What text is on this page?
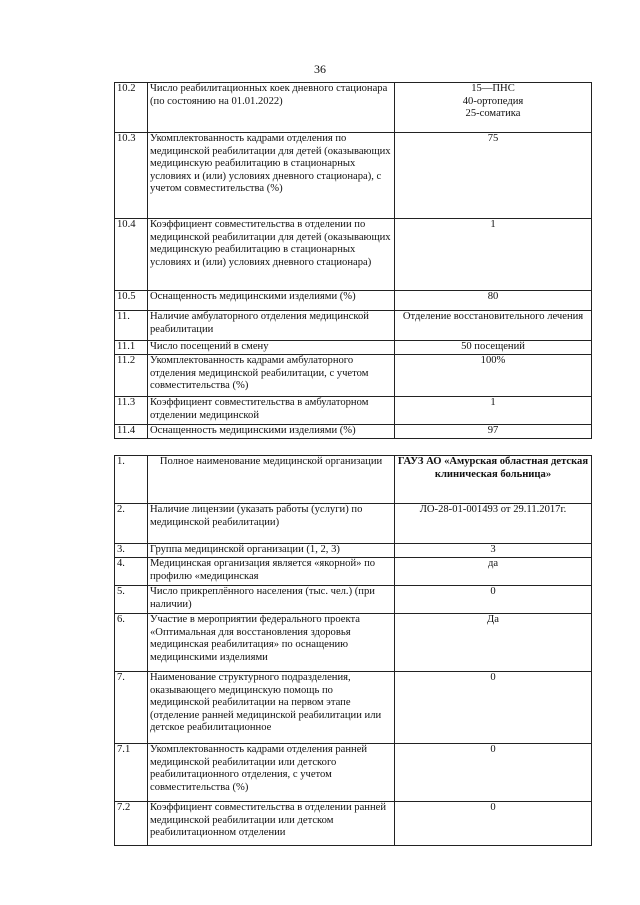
36
10.2	Число реабилитационных коек дневного стационара (по состоянию на 01.01.2022)	15—ПНС
40-ортопедия
25-соматика

10.3	Укомплектованность кадрами отделения по медицинской реабилитации для детей (оказывающих медицинскую реабилитацию в стационарных условиях и (или) условиях дневного стационара), с учетом совместительства (%)	75
10.4	Коэффициент совместительства в отделении по медицинской реабилитации для детей (оказывающих медицинскую реабилитацию в стационарных условиях и (или) условиях дневного стационара)	1
10.5	Оснащенность медицинскими изделиями (%)	80
11.	Наличие амбулаторного отделения медицинской реабилитации	Отделение восстановительного лечения
11.1	Число посещений в смену	50 посещений
11.2	Укомплектованность кадрами амбулаторного отделения медицинской реабилитации, с учетом совместительства (%)	100%
11.3	Коэффициент совместительства в амбулаторном отделении медицинской	1
11.4	Оснащенность медицинскими изделиями (%)	97
1.	Полное наименование медицинской организации	ГАУЗ АО «Амурская областная детская клиническая больница»
2.	Наличие лицензии (указать работы (услуги) по медицинской реабилитации)	ЛО-28-01-001493 от 29.11.2017г.
3.	Группа медицинской организации (1, 2, 3)	3
4.	Медицинская организация является «якорной» по профилю «медицинская	да
5.	Число прикреплённого населения (тыс. чел.) (при наличии)	0
6.	Участие в мероприятии федерального проекта «Оптимальная для восстановления здоровья медицинская реабилитация» по оснащению медицинскими изделиями	Да
7.	Наименование структурного подразделения, оказывающего медицинскую помощь по медицинской реабилитации на первом этапе (отделение ранней медицинской реабилитации или детское реабилитационное	0
7.1	Укомплектованность кадрами отделения ранней медицинской реабилитации или детского реабилитационного отделения, с учетом совместительства (%)	0
7.2	Коэффициент совместительства в отделении ранней медицинской реабилитации или детском реабилитационном отделении	0
